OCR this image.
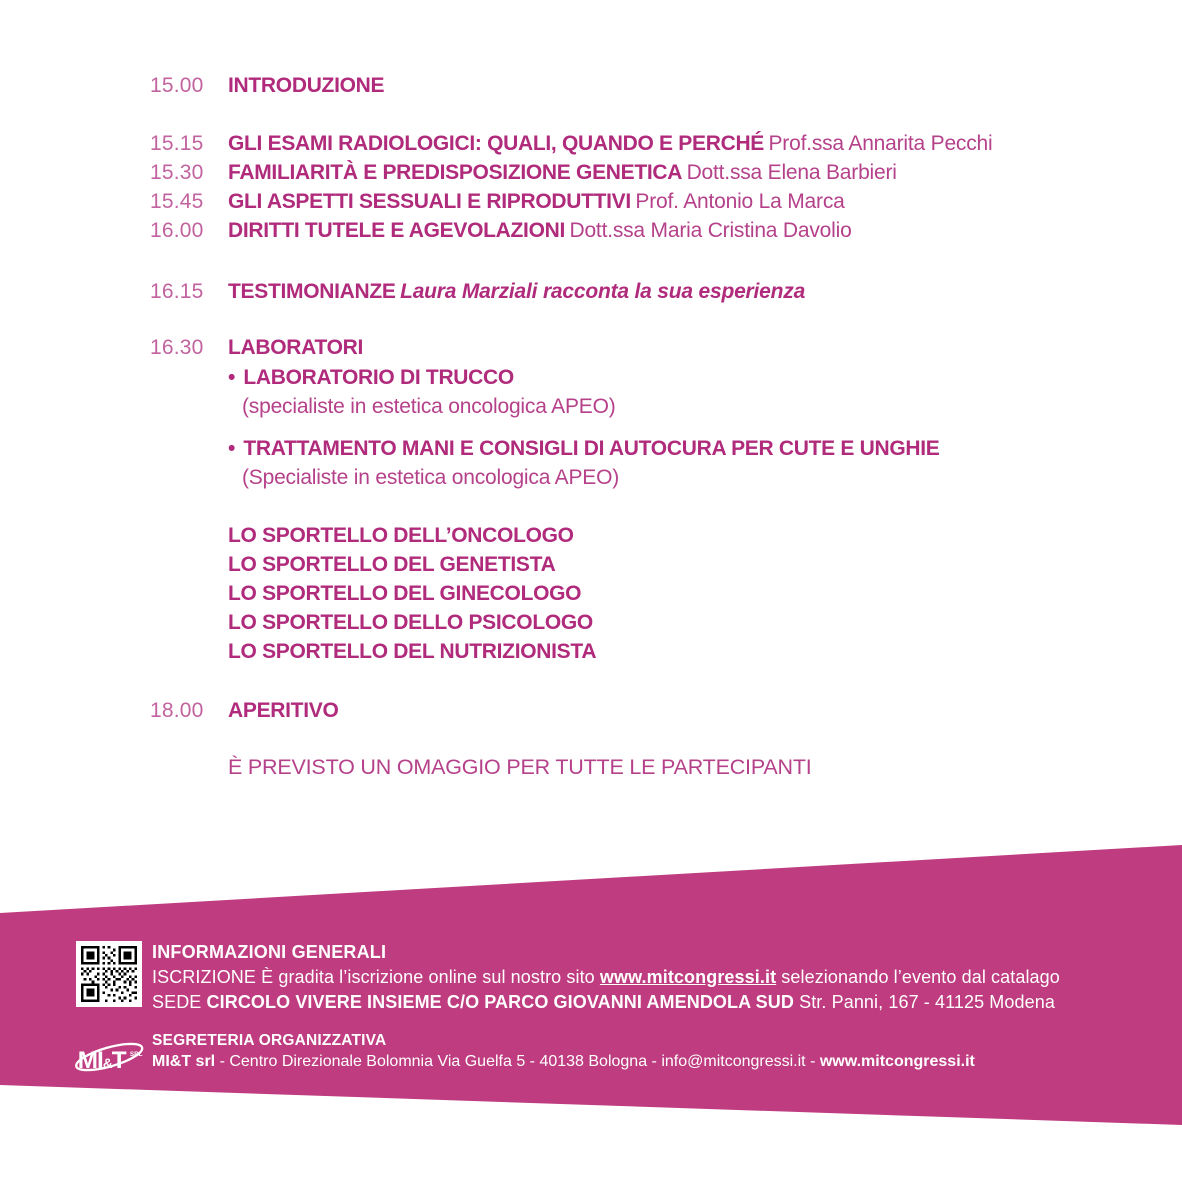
15.00 INTRODUZIONE
15.15 GLI ESAMI RADIOLOGICI: QUALI, QUANDO E PERCHÉ Prof.ssa Annarita Pecchi
15.30 FAMILIARITÀ E PREDISPOSIZIONE GENETICA Dott.ssa Elena Barbieri
15.45 GLI ASPETTI SESSUALI E RIPRODUTTIVI Prof. Antonio La Marca
16.00 DIRITTI TUTELE E AGEVOLAZIONI Dott.ssa Maria Cristina Davolio
16.15 TESTIMONIANZE Laura Marziali racconta la sua esperienza
16.30 LABORATORI
• LABORATORIO DI TRUCCO
(specialiste in estetica oncologica APEO)
• TRATTAMENTO MANI E CONSIGLI DI AUTOCURA PER CUTE E UNGHIE
(Specialiste in estetica oncologica APEO)
LO SPORTELLO DELL’ONCOLOGO
LO SPORTELLO DEL GENETISTA
LO SPORTELLO DEL GINECOLOGO
LO SPORTELLO DELLO PSICOLOGO
LO SPORTELLO DEL NUTRIZIONISTA
18.00 APERITIVO
È PREVISTO UN OMAGGIO PER TUTTE LE PARTECIPANTI
INFORMAZIONI GENERALI
ISCRIZIONE È gradita l’iscrizione online sul nostro sito www.mitcongressi.it selezionando l’evento dal catalago
SEDE CIRCOLO VIVERE INSIEME C/O PARCO GIOVANNI AMENDOLA SUD Str. Panni, 167 - 41125 Modena
MI&T SRL
SEGRETERIA ORGANIZZATIVA
MI&T srl - Centro Direzionale Bolomnia Via Guelfa 5 - 40138 Bologna - info@mitcongressi.it - www.mitcongressi.it
